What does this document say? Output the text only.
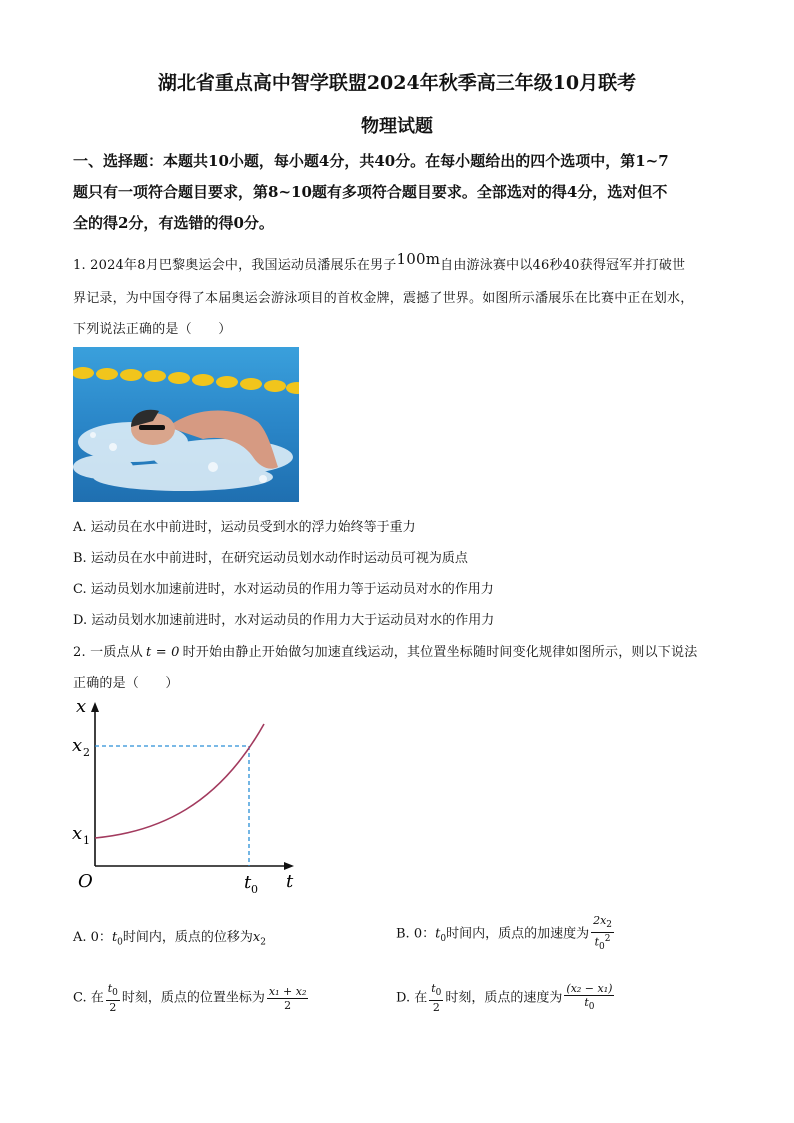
湖北省重点高中智学联盟2024年秋季高三年级10月联考
物理试题
一、选择题：本题共10小题，每小题4分，共40分。在每小题给出的四个选项中，第1~7
题只有一项符合题目要求，第8~10题有多项符合题目要求。全部选对的得4分，选对但不
全的得2分，有选错的得0分。
1. 2024年8月巴黎奥运会中，我国运动员潘展乐在男子100m自由游泳赛中以46秒40获得冠军并打破世
界记录，为中国夺得了本届奥运会游泳项目的首枚金牌，震撼了世界。如图所示潘展乐在比赛中正在划水，
下列说法正确的是（　　）
A. 运动员在水中前进时，运动员受到水的浮力始终等于重力
B. 运动员在水中前进时，在研究运动员划水动作时运动员可视为质点
C. 运动员划水加速前进时，水对运动员的作用力等于运动员对水的作用力
D. 运动员划水加速前进时，水对运动员的作用力大于运动员对水的作用力
2. 一质点从 t = 0 时开始由静止开始做匀加速直线运动，其位置坐标随时间变化规律如图所示，则以下说法
正确的是（　　）
x
x 2
x 1
O	t 0 t
A. 0：$t_0$时间内，质点的位移为$x_2$
B. 0：$t_0$时间内，质点的加速度为 $\frac{2x_2}{t_0^2}$
C. 在 $\frac{t_0}{2}$ 时刻，质点的位置坐标为 $\frac{\text{x₁ + x₂}}{2}$	D. 在 $\frac{t_0}{2}$ 时刻，质点的速度为 $\frac{\text{(x₂ − x₁)}}{t_0}$
